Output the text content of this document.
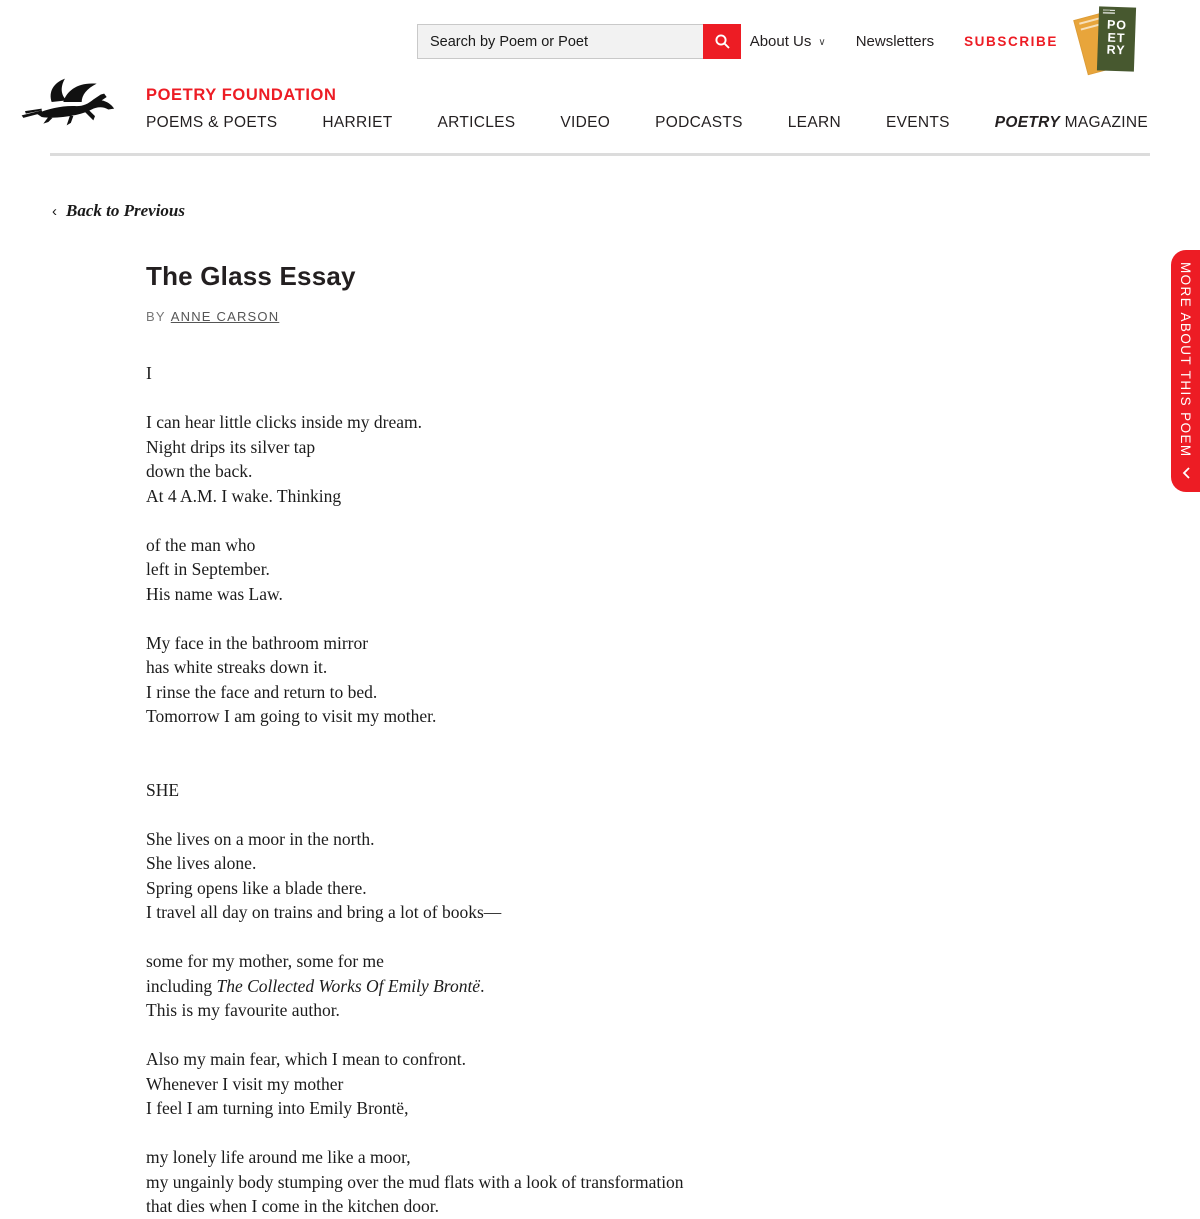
Search by Poem or Poet
About Us ∨ Newsletters SUBSCRIBE
PO
ET
RY
POETRY FOUNDATION
POEMS & POETS	HARRIET	ARTICLES	VIDEO	PODCASTS	LEARN	EVENTS	POETRY MAGAZINE
‹ Back to Previous
The Glass Essay
BY ANNE CARSON
I
I can hear little clicks inside my dream.
Night drips its silver tap
down the back.
At 4 A.M. I wake. Thinking
of the man who
left in September.
His name was Law.
My face in the bathroom mirror
has white streaks down it.
I rinse the face and return to bed.
Tomorrow I am going to visit my mother.
SHE
She lives on a moor in the north.
She lives alone.
Spring opens like a blade there.
I travel all day on trains and bring a lot of books—
some for my mother, some for me
including The Collected Works Of Emily Brontë.
This is my favourite author.
Also my main fear, which I mean to confront.
Whenever I visit my mother
I feel I am turning into Emily Brontë,
my lonely life around me like a moor,
my ungainly body stumping over the mud flats with a look of transformation
that dies when I come in the kitchen door.
MORE ABOUT THIS POEM
